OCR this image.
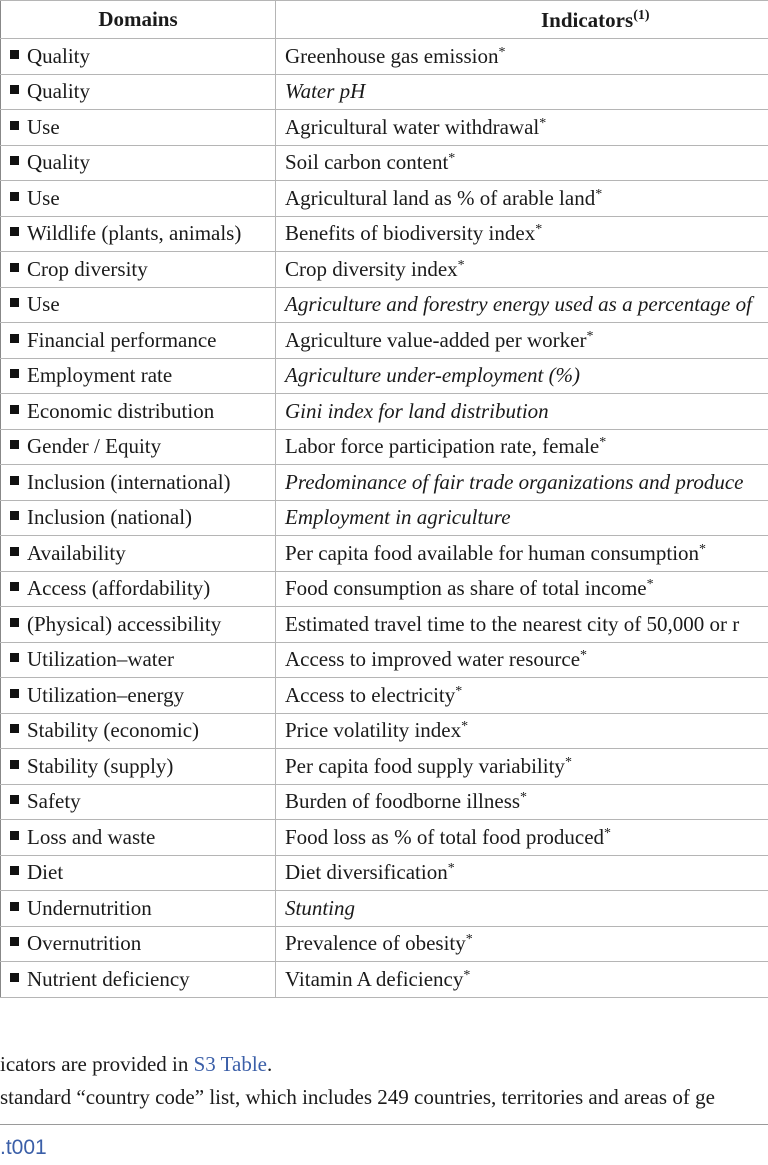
Domains	Indicators$^{(1)}$
Quality	Greenhouse gas emission*
Quality	Water pH
Use	Agricultural water withdrawal*
Quality	Soil carbon content*
Use	Agricultural land as % of arable land*
Wildlife (plants, animals)	Benefits of biodiversity index*
Crop diversity	Crop diversity index*
Use	Agriculture and forestry energy used as a percentage of
Financial performance	Agriculture value-added per worker*
Employment rate	Agriculture under-employment (%)
Economic distribution	Gini index for land distribution
Gender / Equity	Labor force participation rate, female*
Inclusion (international)	Predominance of fair trade organizations and produce
Inclusion (national)	Employment in agriculture
Availability	Per capita food available for human consumption*
Access (affordability)	Food consumption as share of total income*
(Physical) accessibility	Estimated travel time to the nearest city of 50,000 or r
Utilization–water	Access to improved water resource*
Utilization–energy	Access to electricity*
Stability (economic)	Price volatility index*
Stability (supply)	Per capita food supply variability*
Safety	Burden of foodborne illness*
Loss and waste	Food loss as % of total food produced*
Diet	Diet diversification*
Undernutrition	Stunting
Overnutrition	Prevalence of obesity*
Nutrient deficiency	Vitamin A deficiency*
icators are provided in S3 Table.
standard “country code” list, which includes 249 countries, territories and areas of ge
.t001
